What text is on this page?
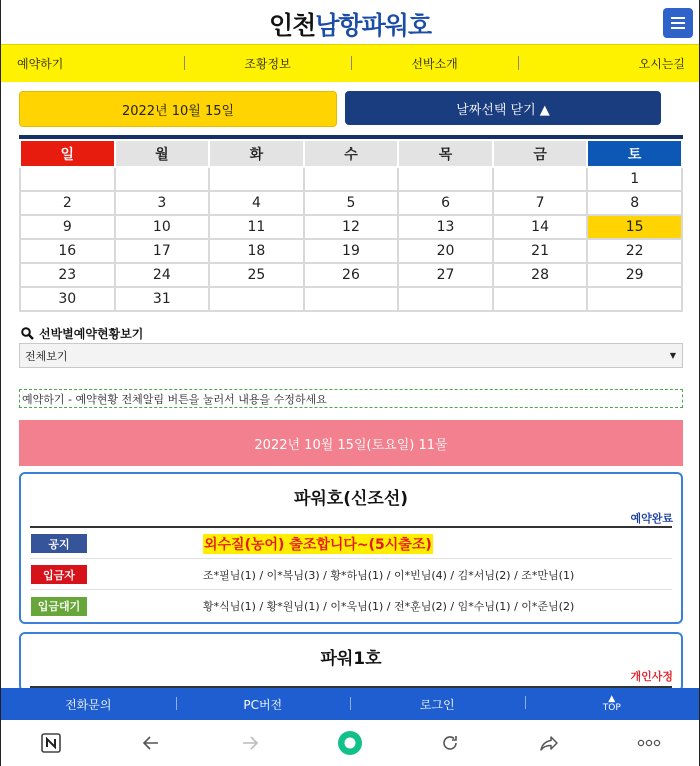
인천남항파워호
예약하기	조황정보	선박소개	오시는길
2022년 10월 15일	날짜선택 닫기 ▲
일	월	화	수	목	금	토
						1
2	3	4	5	6	7	8
9	10	11	12	13	14	15
16	17	18	19	20	21	22
23	24	25	26	27	28	29
30	31					
선박별예약현황보기
전체보기	▼
예약하기 - 예약현황 전체알림 버튼을 눌러서 내용을 수정하세요
2022년 10월 15일(토요일) 11물
파워호(신조선)
예약완료
공지	외수질(농어) 출조합니다~(5시출조)
입금자	조*필님(1) / 이*복님(3) / 황*하님(1) / 이*빈님(4) / 김*서님(2) / 조*만님(1)
입금대기	황*식님(1) / 황*원님(1) / 이*욱님(1) / 전*훈님(2) / 임*수님(1) / 이*준님(2)
파워1호
개인사정
전화문의	PC버전	로그인	▲
TOP
